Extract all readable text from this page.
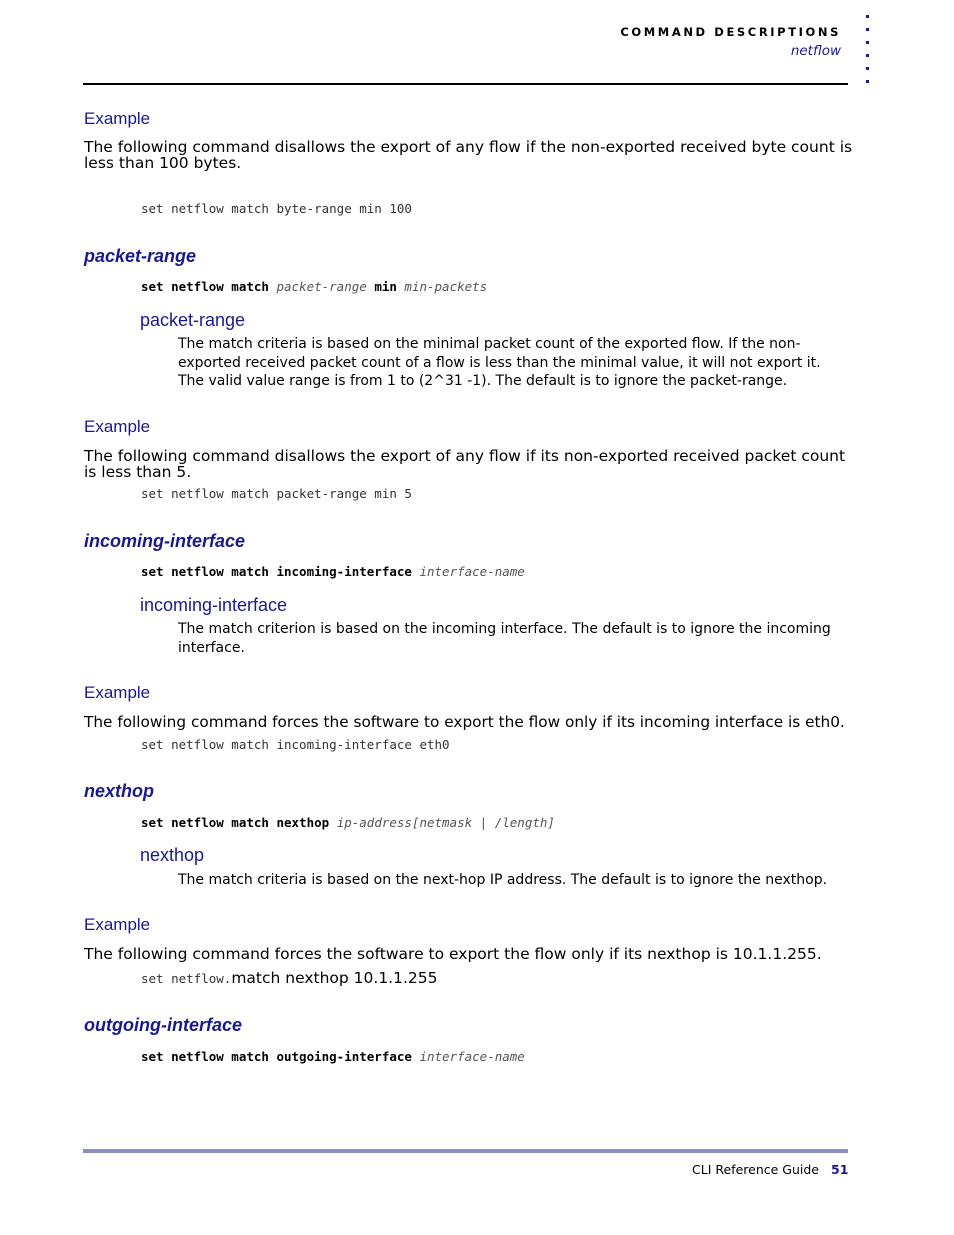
COMMAND DESCRIPTIONS
netflow
Example
The following command disallows the export of any flow if the non-exported received byte count is less than 100 bytes.
set netflow match byte-range min 100
packet-range
set netflow match packet-range min min-packets
packet-range
The match criteria is based on the minimal packet count of the exported flow. If the non-exported received packet count of a flow is less than the minimal value, it will not export it. The valid value range is from 1 to (2^31 -1). The default is to ignore the packet-range.
Example
The following command disallows the export of any flow if its non-exported received packet count is less than 5.
set netflow match packet-range min 5
incoming-interface
set netflow match incoming-interface interface-name
incoming-interface
The match criterion is based on the incoming interface. The default is to ignore the incoming interface.
Example
The following command forces the software to export the flow only if its incoming interface is eth0.
set netflow match incoming-interface eth0
nexthop
set netflow match nexthop ip-address[netmask | /length]
nexthop
The match criteria is based on the next-hop IP address. The default is to ignore the nexthop.
Example
The following command forces the software to export the flow only if its nexthop is 10.1.1.255.
set netflow.match nexthop 10.1.1.255
outgoing-interface
set netflow match outgoing-interface interface-name
CLI Reference Guide 51
